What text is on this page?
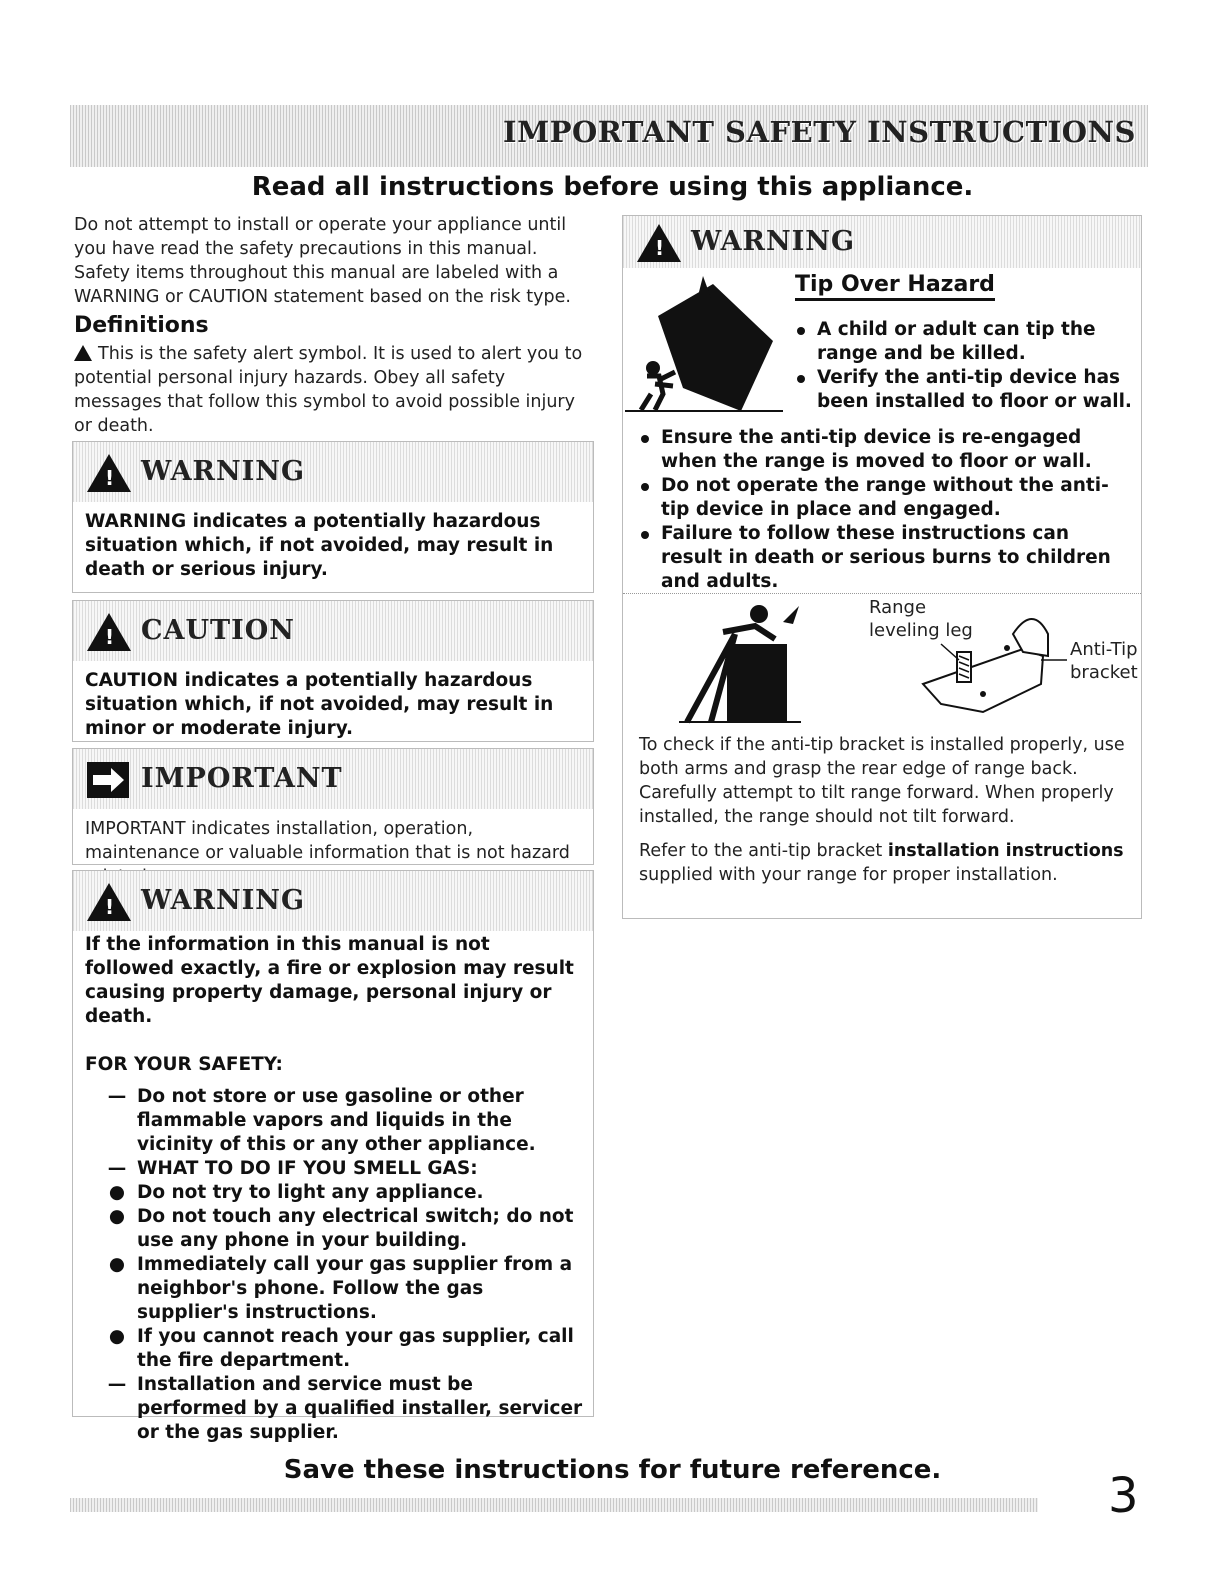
IMPORTANT SAFETY INSTRUCTIONS
Read all instructions before using this appliance.
Do not attempt to install or operate your appliance until you have read the safety precautions in this manual. Safety items throughout this manual are labeled with a WARNING or CAUTION statement based on the risk type.
Definitions
This is the safety alert symbol. It is used to alert you to potential personal injury hazards. Obey all safety messages that follow this symbol to avoid possible injury or death.
!
WARNING
WARNING indicates a potentially hazardous situation which, if not avoided, may result in death or serious injury.
!
CAUTION
CAUTION indicates a potentially hazardous situation which, if not avoided, may result in minor or moderate injury.
IMPORTANT
IMPORTANT indicates installation, operation, maintenance or valuable information that is not hazard
!
WARNING
If the information in this manual is not followed exactly, a fire or explosion may result causing property damage, personal injury or death.
FOR YOUR SAFETY:
— Do not store or use gasoline or other flammable vapors and liquids in the vicinity of this or any other appliance.
— WHAT TO DO IF YOU SMELL GAS:
● Do not try to light any appliance.
● Do not touch any electrical switch; do not use any phone in your building.
● Immediately call your gas supplier from a neighbor's phone. Follow the gas supplier's instructions.
● If you cannot reach your gas supplier, call the fire department.
— Installation and service must be performed by a qualified installer, servicer or the gas supplier.
!
WARNING
Tip Over Hazard
A child or adult can tip the range and be killed.
Verify the anti-tip device has been installed to floor or wall.
Ensure the anti-tip device is re-engaged when the range is moved to floor or wall.
Do not operate the range without the anti-tip device in place and engaged.
Failure to follow these instructions can result in death or serious burns to children and adults.
Range
leveling leg
Anti-Tip
bracket
To check if the anti-tip bracket is installed properly, use both arms and grasp the rear edge of range back. Carefully attempt to tilt range forward. When properly installed, the range should not tilt forward.
Refer to the anti-tip bracket installation instructions supplied with your range for proper installation.
Save these instructions for future reference.	3
